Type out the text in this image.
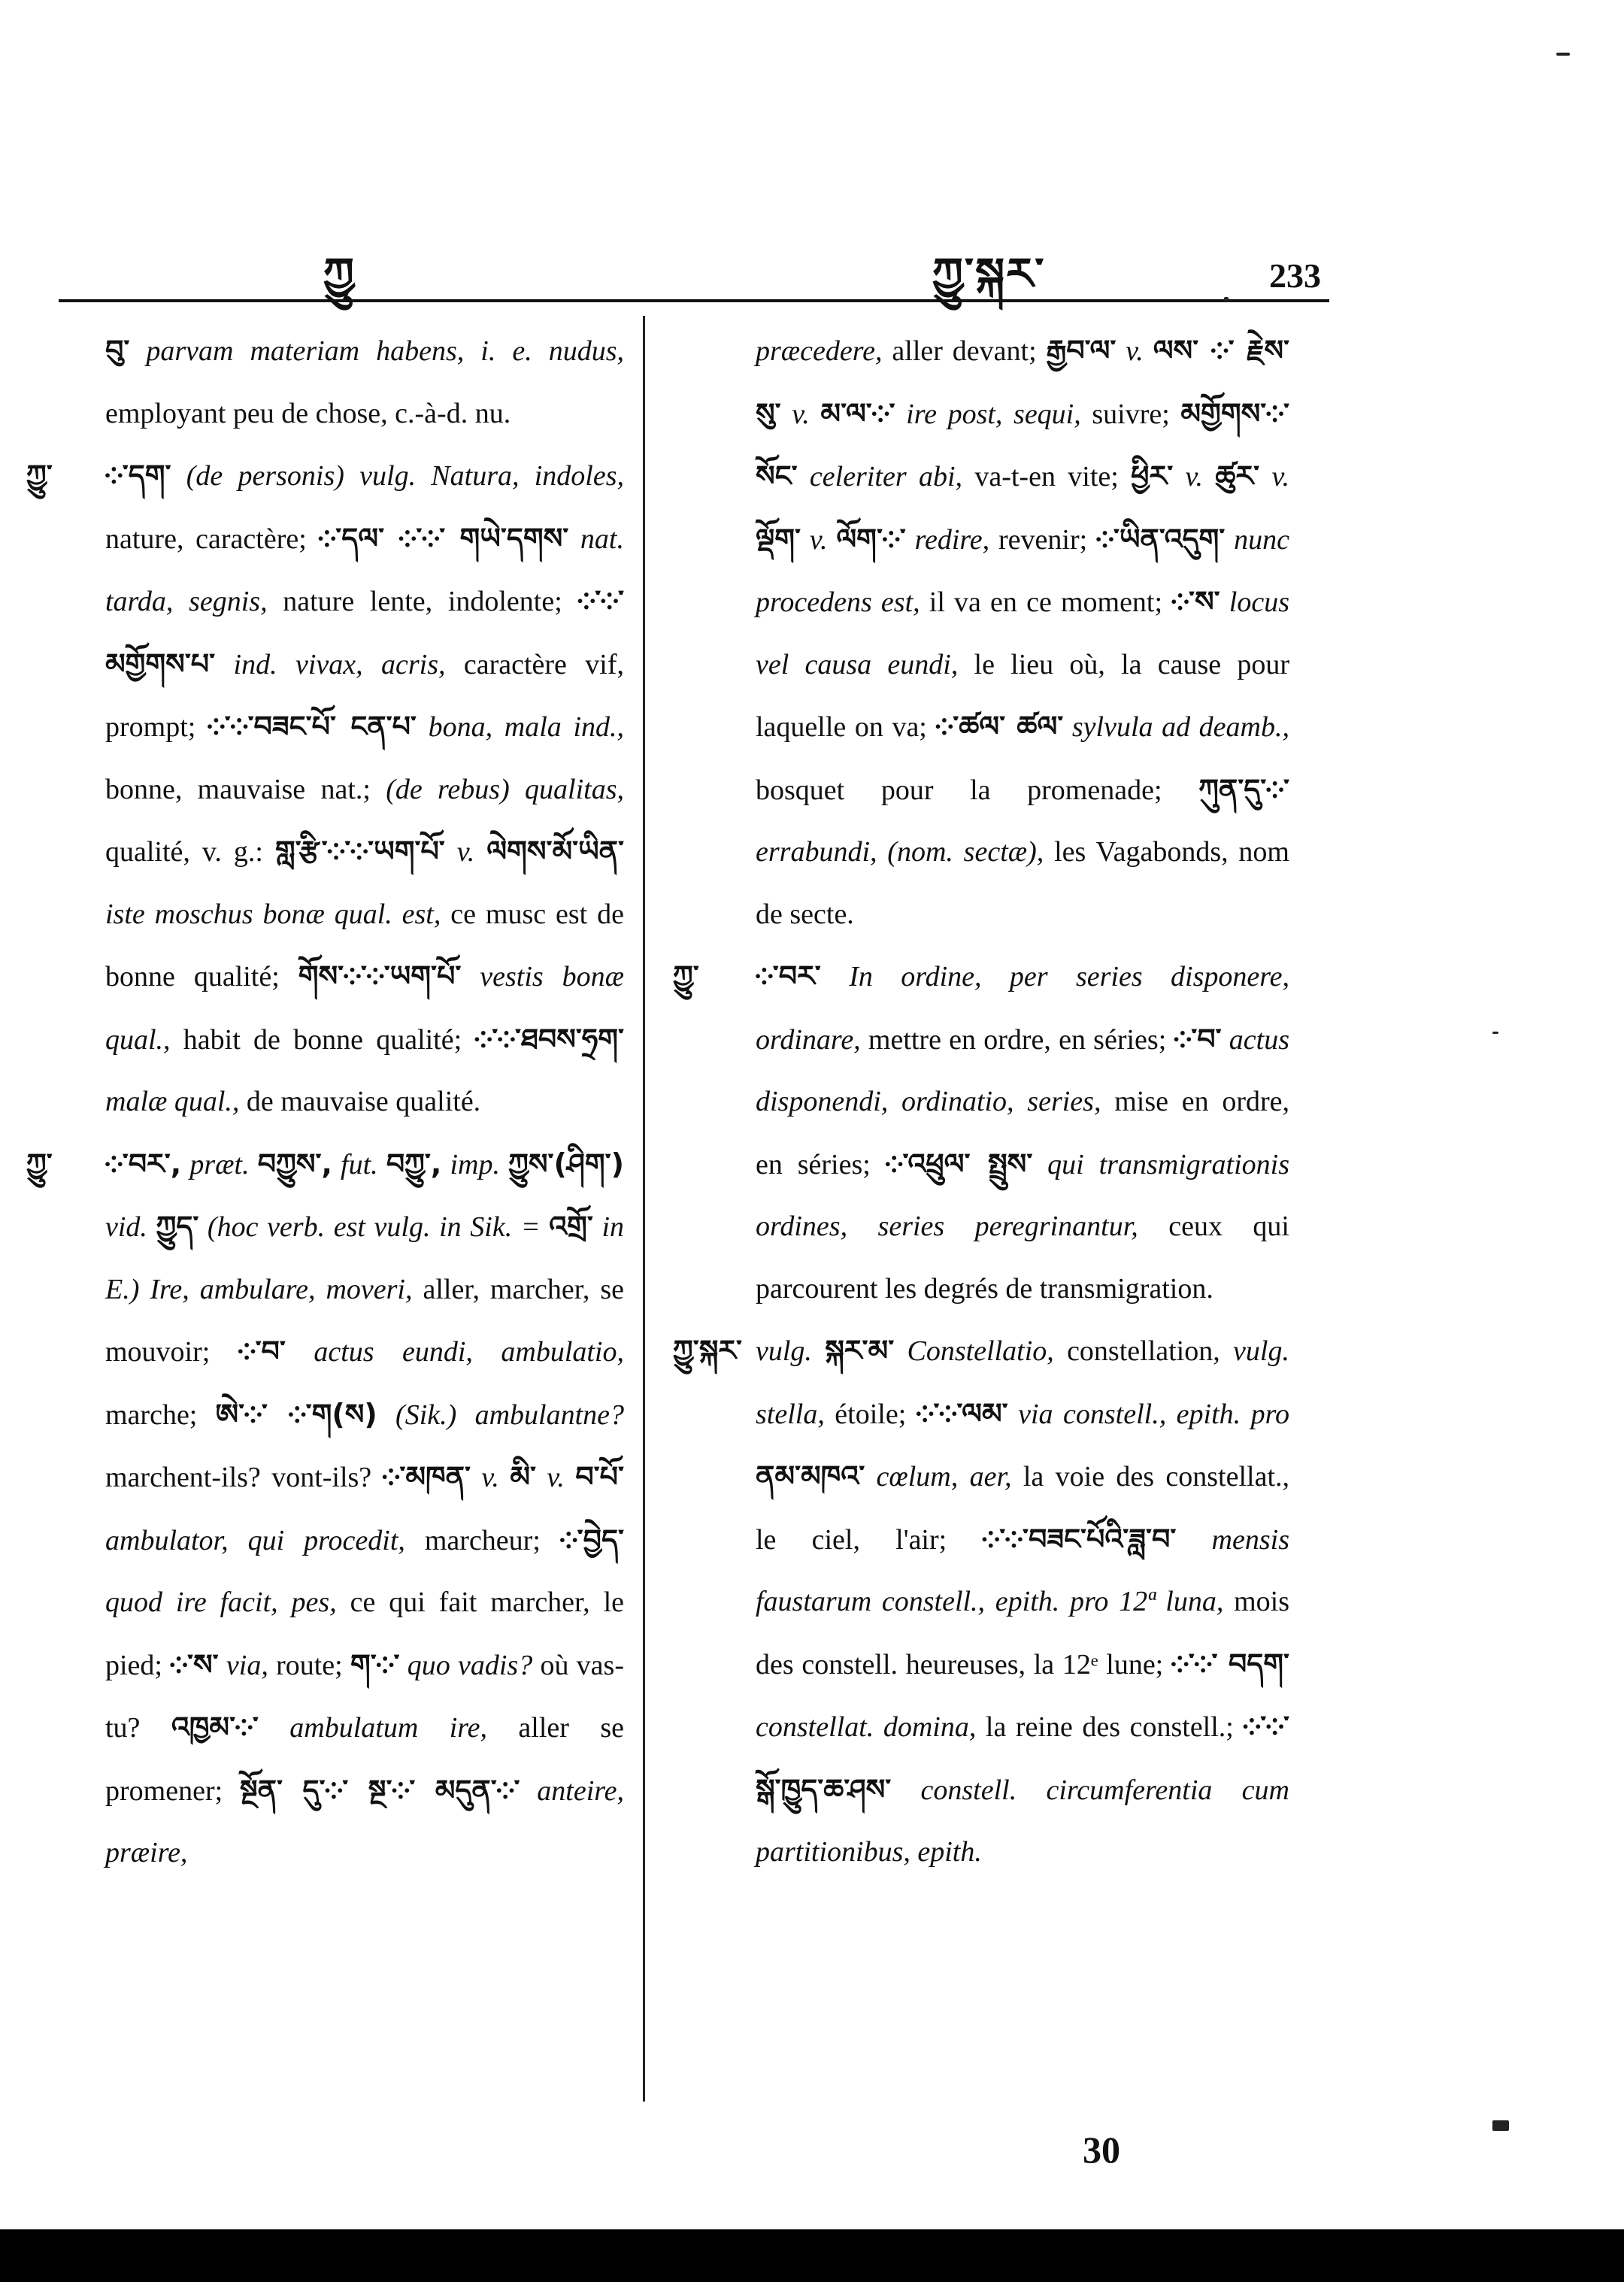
ཀྱུ	ཀྱུ་སྐར་	233
བུ་ parvam materiam habens, i. e. nudus, employant peu de chose, c.-à-d. nu.
ཀྱུ་ ༶་དག་ (de personis) vulg. Natura, indoles, nature, caractère; ༶་དལ་ ༶་༶་ གཡེ་དགས་ nat. tarda, segnis, nature lente, indolente; ༶་༶་མགྱོགས་པ་ ind. vivax, acris, caractère vif, prompt; ༶་༶་བཟང་པོ་ ངན་པ་ bona, mala ind., bonne, mauvaise nat.; (de rebus) qualitas, qualité, v. g.: གླ་རྩི་༶་༶་ཡག་པོ་ v. ལེགས་མོ་ཡིན་ iste moschus bonæ qual. est, ce musc est de bonne qualité; གོས་༶་༶་ཡག་པོ་ vestis bonæ qual., habit de bonne qualité; ༶་༶་ཐབས་ཧྲག་ malæ qual., de mauvaise qualité.
ཀྱུ་ ༶་བར་, præt. བཀྱུས་, fut. བཀྱུ་, imp. ཀྱུས་(ཤིག་) vid. ཀྱུད་ (hoc verb. est vulg. in Sik. = འགྲོ་ in E.) Ire, ambulare, moveri, aller, marcher, se mouvoir; ༶་བ་ actus eundi, ambulatio, marche; ཨེ་༶་ ༶་ག(ས) (Sik.) ambulantne? marchent-ils? vont-ils? ༶་མཁན་ v. མི་ v. བ་པོ་ ambulator, qui procedit, marcheur; ༶་བྱེད་ quod ire facit, pes, ce qui fait marcher, le pied; ༶་ས་ via, route; ག་༶་ quo vadis? où vas-tu? འཁྱམ་༶་ ambulatum ire, aller se promener; སྔོན་ དུ་༶་ སྔ་༶་ མདུན་༶་ anteire, præire,
præcedere, aller devant; རྒྱབ་ལ་ v. ལས་ ༶་ རྗེས་སུ་ v. མ་ལ་༶་ ire post, sequi, suivre; མགྱོགས་༶་སོང་ celeriter abi, va-t-en vite; ཕྱིར་ v. ཚུར་ v. ལྡོག་ v. ལོག་༶་ redire, revenir; ༶་ཡིན་འདུག་ nunc procedens est, il va en ce moment; ༶་ས་ locus vel causa eundi, le lieu où, la cause pour laquelle on va; ༶་ཚལ་ ཚལ་ sylvula ad deamb., bosquet pour la promenade; ཀུན་དུ་༶་ errabundi, (nom. sectæ), les Vagabonds, nom de secte.
ཀྱུ་ ༶་བར་ In ordine, per series disponere, ordinare, mettre en ordre, en séries; ༶་བ་ actus disponendi, ordinatio, series, mise en ordre, en séries; ༶་འཕྲུལ་ སྤྲུས་ qui transmigrationis ordines, series peregrinantur, ceux qui parcourent les degrés de transmigration.
ཀྱུ་སྐར་ vulg. སྐར་མ་ Constellatio, constellation, vulg. stella, étoile; ༶་༶་ལམ་ via constell., epith. pro ནམ་མཁའ་ cœlum, aer, la voie des constellat., le ciel, l'air; ༶་༶་བཟང་པོའི་ཟླ་བ་ mensis faustarum constell., epith. pro 12ª luna, mois des constell. heureuses, la 12ᵉ lune; ༶་༶་ བདག་ constellat. domina, la reine des constell.; ༶་༶་སྒོ་ཁྱུད་ཆ་ཤས་ constell. circumferentia cum partitionibus, epith.
30
